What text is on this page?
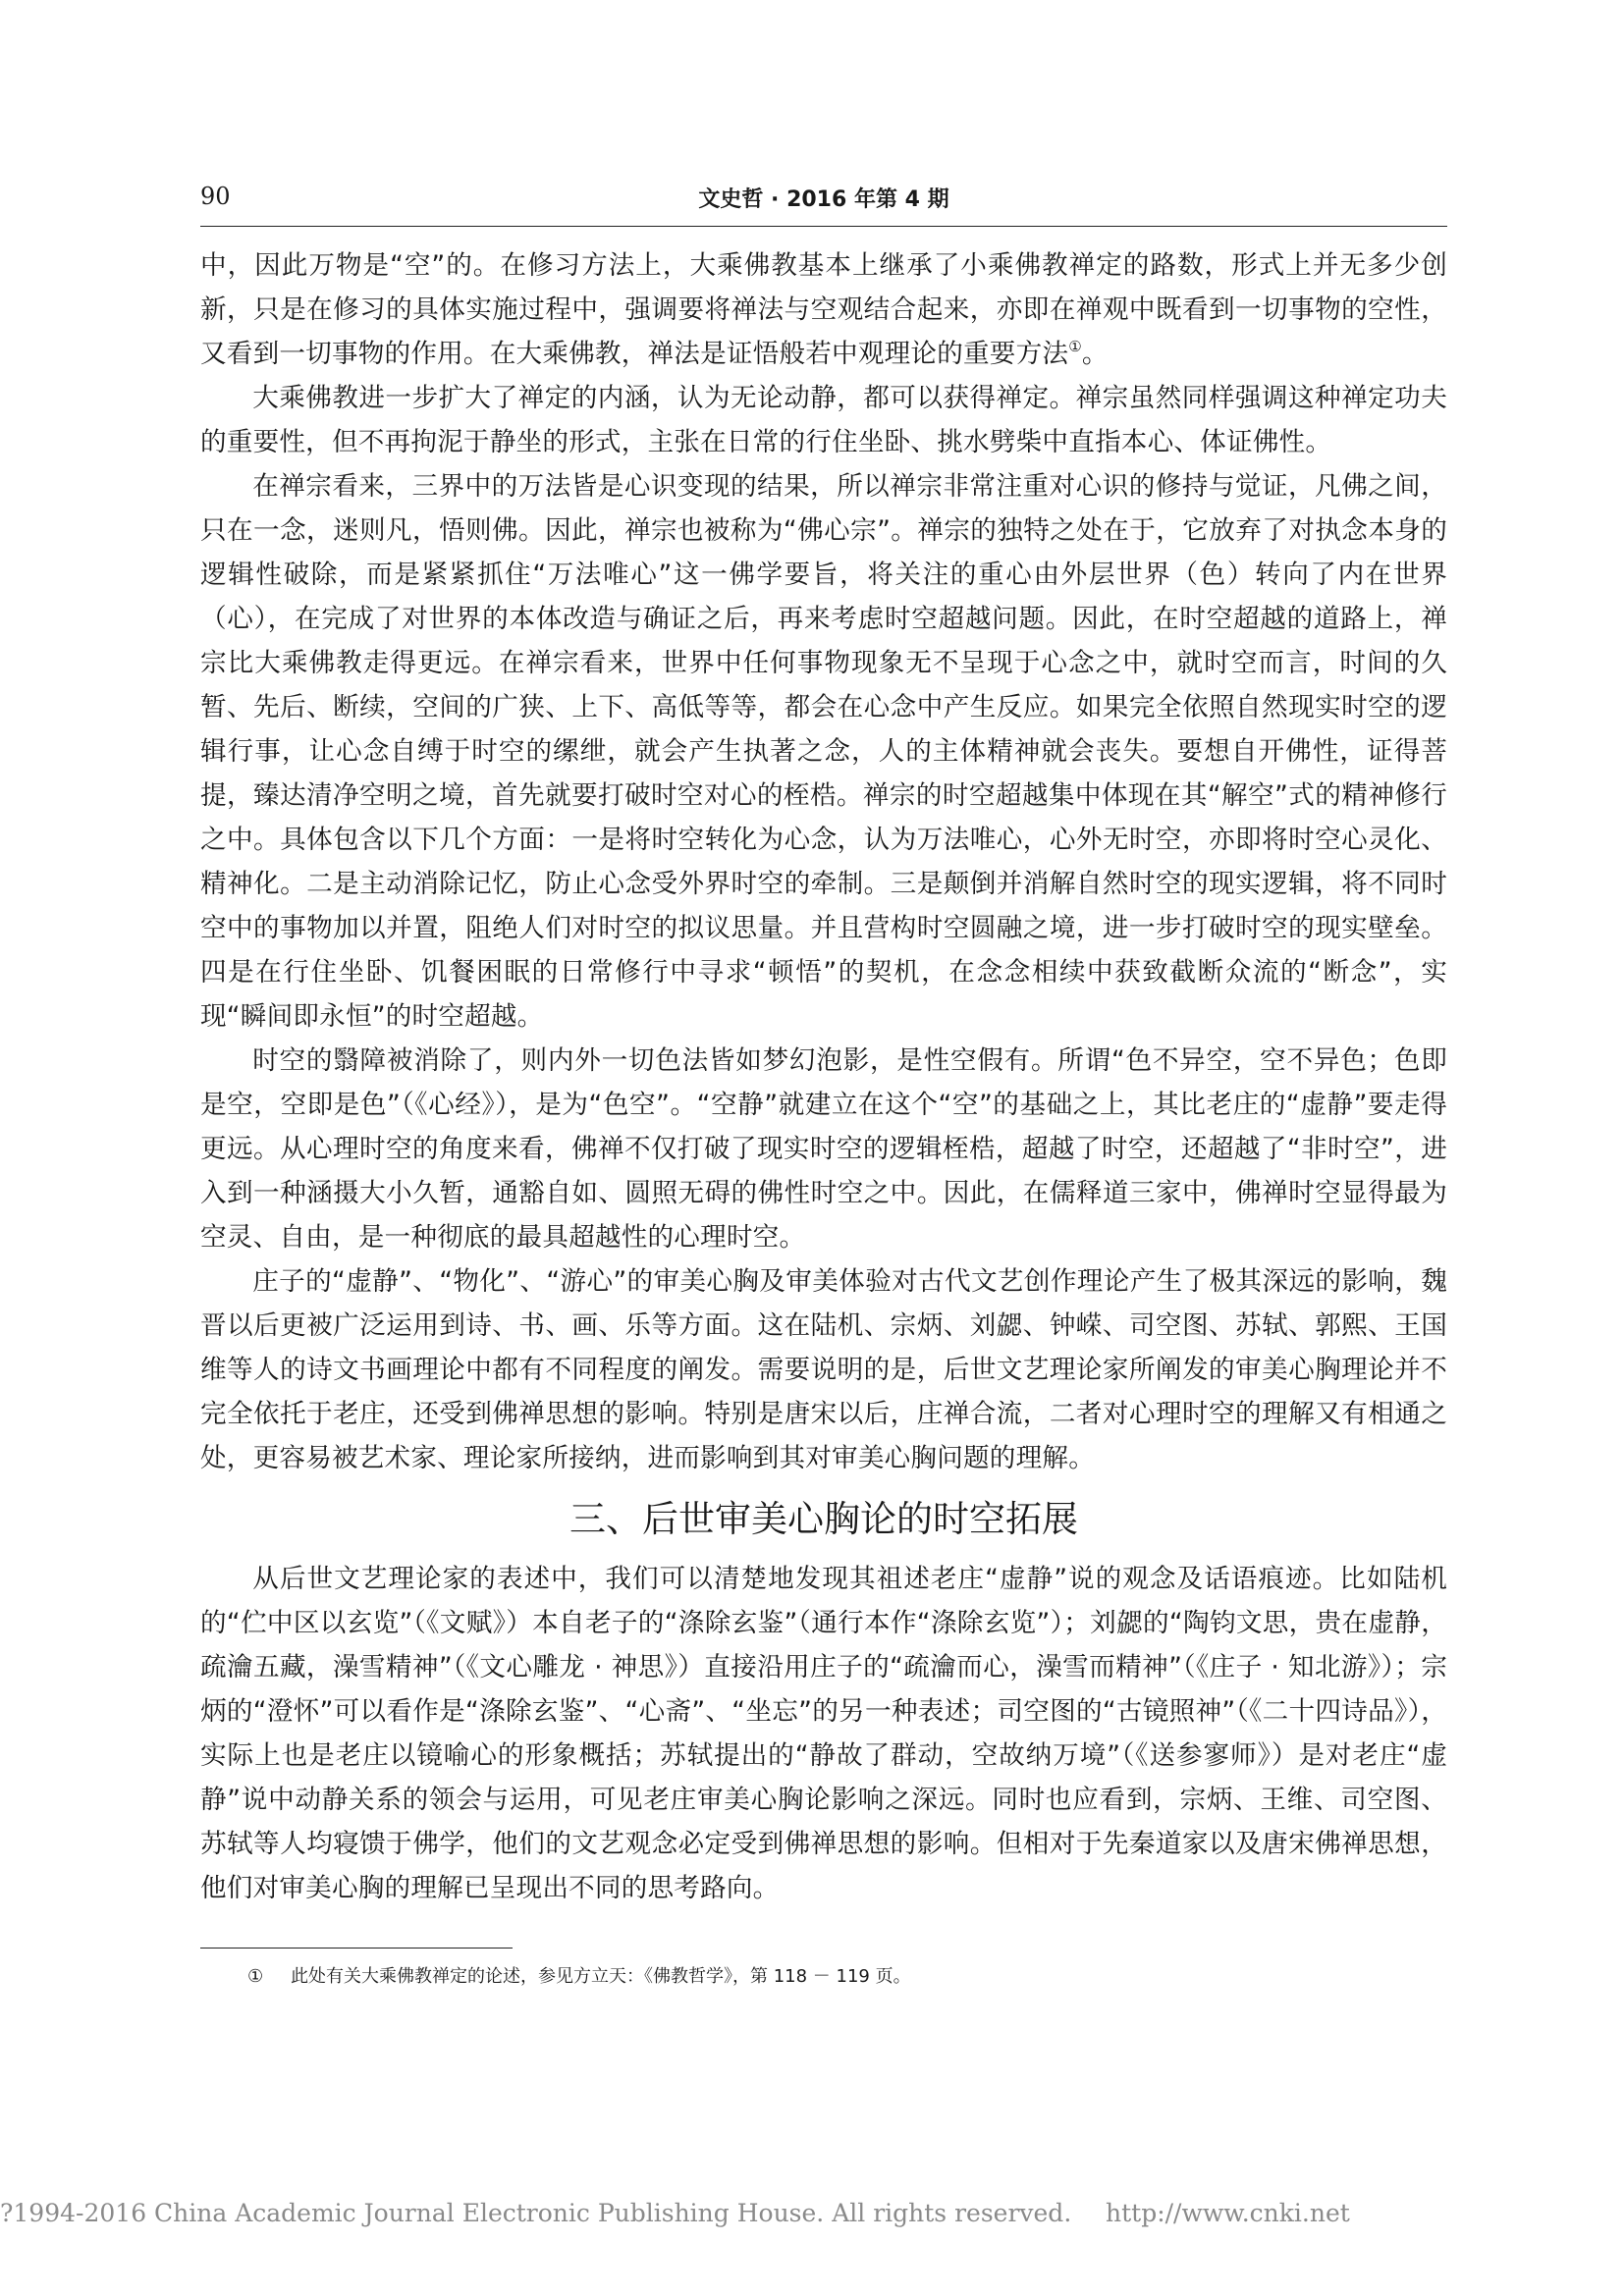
90	文史哲 · 2016 年第 4 期

中，因此万物是“空”的。在修习方法上，大乘佛教基本上继承了小乘佛教禅定的路数，形式上并无多少创新，只是在修习的具体实施过程中，强调要将禅法与空观结合起来，亦即在禅观中既看到一切事物的空性，又看到一切事物的作用。在大乘佛教，禅法是证悟般若中观理论的重要方法①。

大乘佛教进一步扩大了禅定的内涵，认为无论动静，都可以获得禅定。禅宗虽然同样强调这种禅定功夫的重要性，但不再拘泥于静坐的形式，主张在日常的行住坐卧、挑水劈柴中直指本心、体证佛性。

在禅宗看来，三界中的万法皆是心识变现的结果，所以禅宗非常注重对心识的修持与觉证，凡佛之间，只在一念，迷则凡，悟则佛。因此，禅宗也被称为“佛心宗”。禅宗的独特之处在于，它放弃了对执念本身的逻辑性破除，而是紧紧抓住“万法唯心”这一佛学要旨，将关注的重心由外层世界（色）转向了内在世界（心），在完成了对世界的本体改造与确证之后，再来考虑时空超越问题。因此，在时空超越的道路上，禅宗比大乘佛教走得更远。在禅宗看来，世界中任何事物现象无不呈现于心念之中，就时空而言，时间的久暂、先后、断续，空间的广狭、上下、高低等等，都会在心念中产生反应。如果完全依照自然现实时空的逻辑行事，让心念自缚于时空的缧绁，就会产生执著之念，人的主体精神就会丧失。要想自开佛性，证得菩提，臻达清净空明之境，首先就要打破时空对心的桎梏。禅宗的时空超越集中体现在其“解空”式的精神修行之中。具体包含以下几个方面：一是将时空转化为心念，认为万法唯心，心外无时空，亦即将时空心灵化、精神化。二是主动消除记忆，防止心念受外界时空的牵制。三是颠倒并消解自然时空的现实逻辑，将不同时空中的事物加以并置，阻绝人们对时空的拟议思量。并且营构时空圆融之境，进一步打破时空的现实壁垒。四是在行住坐卧、饥餐困眠的日常修行中寻求“顿悟”的契机，在念念相续中获致截断众流的“断念”，实现“瞬间即永恒”的时空超越。

时空的翳障被消除了，则内外一切色法皆如梦幻泡影，是性空假有。所谓“色不异空，空不异色；色即是空，空即是色”（《心经》），是为“色空”。“空静”就建立在这个“空”的基础之上，其比老庄的“虚静”要走得更远。从心理时空的角度来看，佛禅不仅打破了现实时空的逻辑桎梏，超越了时空，还超越了“非时空”，进入到一种涵摄大小久暂，通豁自如、圆照无碍的佛性时空之中。因此，在儒释道三家中，佛禅时空显得最为空灵、自由，是一种彻底的最具超越性的心理时空。

庄子的“虚静”、“物化”、“游心”的审美心胸及审美体验对古代文艺创作理论产生了极其深远的影响，魏晋以后更被广泛运用到诗、书、画、乐等方面。这在陆机、宗炳、刘勰、钟嵘、司空图、苏轼、郭熙、王国维等人的诗文书画理论中都有不同程度的阐发。需要说明的是，后世文艺理论家所阐发的审美心胸理论并不完全依托于老庄，还受到佛禅思想的影响。特别是唐宋以后，庄禅合流，二者对心理时空的理解又有相通之处，更容易被艺术家、理论家所接纳，进而影响到其对审美心胸问题的理解。

三、后世审美心胸论的时空拓展

从后世文艺理论家的表述中，我们可以清楚地发现其祖述老庄“虚静”说的观念及话语痕迹。比如陆机的“伫中区以玄览”（《文赋》）本自老子的“涤除玄鉴”（通行本作“涤除玄览”）；刘勰的“陶钧文思，贵在虚静，疏瀹五藏，澡雪精神”（《文心雕龙 · 神思》）直接沿用庄子的“疏瀹而心，澡雪而精神”（《庄子 · 知北游》）；宗炳的“澄怀”可以看作是“涤除玄鉴”、“心斋”、“坐忘”的另一种表述；司空图的“古镜照神”（《二十四诗品》），实际上也是老庄以镜喻心的形象概括；苏轼提出的“静故了群动，空故纳万境”（《送参寥师》）是对老庄“虚静”说中动静关系的领会与运用，可见老庄审美心胸论影响之深远。同时也应看到，宗炳、王维、司空图、苏轼等人均寝馈于佛学，他们的文艺观念必定受到佛禅思想的影响。但相对于先秦道家以及唐宋佛禅思想，他们对审美心胸的理解已呈现出不同的思考路向。

① 此处有关大乘佛教禅定的论述，参见方立天：《佛教哲学》，第 118 － 119 页。
?1994-2016 China Academic Journal Electronic Publishing House. All rights reserved. http://www.cnki.net
